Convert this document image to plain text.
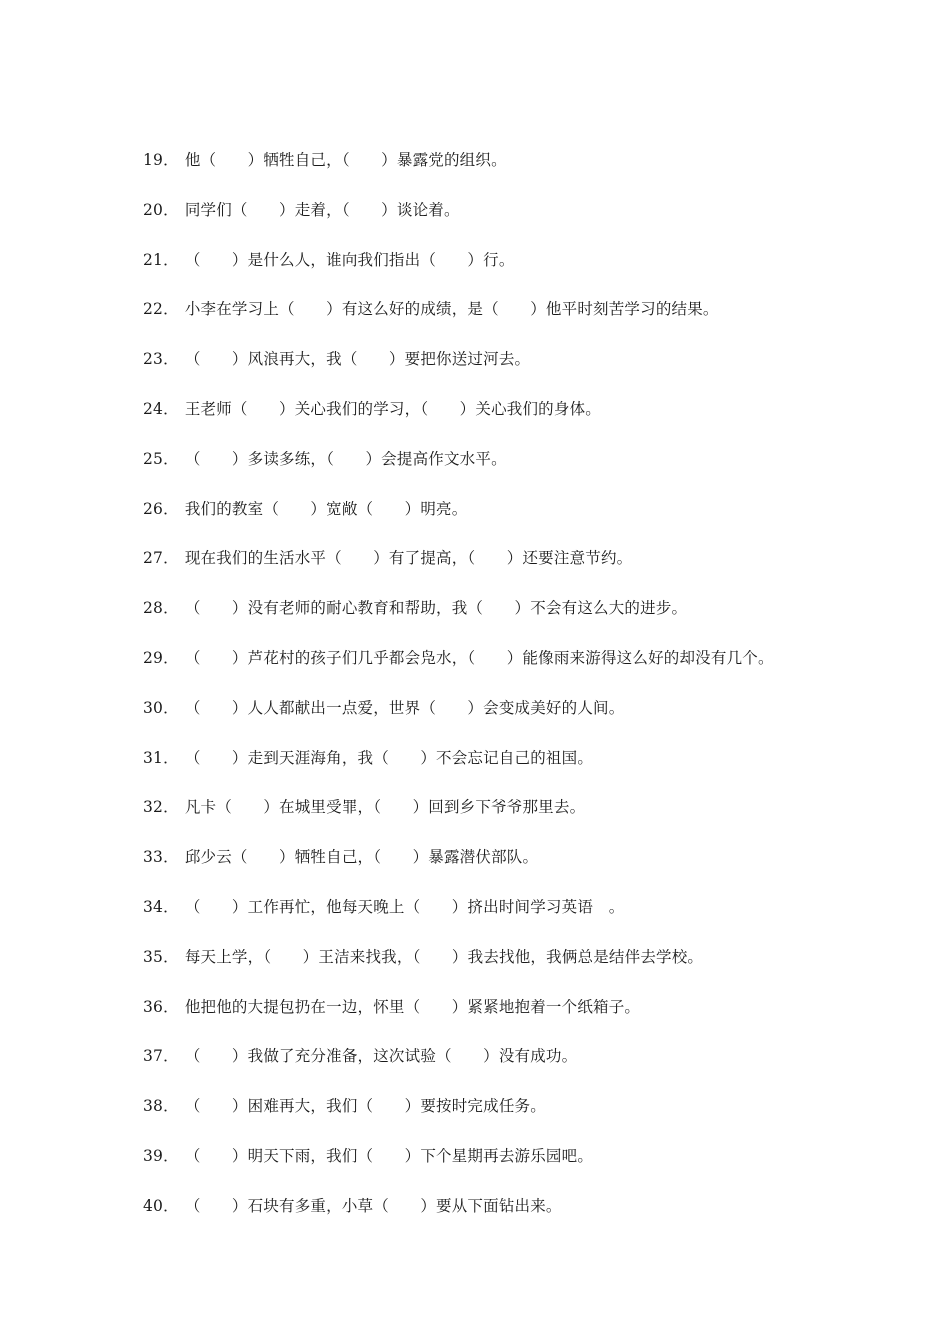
19． 他（　　）牺牲自己，（　　）暴露党的组织。
20． 同学们（　　）走着，（　　）谈论着。
21． （　　）是什么人，谁向我们指出（　　）行。
22． 小李在学习上（　　）有这么好的成绩，是（　　）他平时刻苦学习的结果。
23． （　　）风浪再大，我（　　）要把你送过河去。
24． 王老师（　　）关心我们的学习，（　　）关心我们的身体。
25． （　　）多读多练，（　　）会提高作文水平。
26． 我们的教室（　　）宽敞（　　）明亮。
27． 现在我们的生活水平（　　）有了提高，（　　）还要注意节约。
28． （　　）没有老师的耐心教育和帮助，我（　　）不会有这么大的进步。
29． （　　）芦花村的孩子们几乎都会凫水，（　　）能像雨来游得这么好的却没有几个。
30． （　　）人人都献出一点爱，世界（　　）会变成美好的人间。
31． （　　）走到天涯海角，我（　　）不会忘记自己的祖国。
32． 凡卡（　　）在城里受罪，（　　）回到乡下爷爷那里去。
33． 邱少云（　　）牺牲自己，（　　）暴露潜伏部队。
34． （　　）工作再忙，他每天晚上（　　）挤出时间学习英语　。
35． 每天上学，（　　）王洁来找我，（　　）我去找他，我俩总是结伴去学校。
36． 他把他的大提包扔在一边，怀里（　　）紧紧地抱着一个纸箱子。
37． （　　）我做了充分准备，这次试验（　　）没有成功。
38． （　　）困难再大，我们（　　）要按时完成任务。
39． （　　）明天下雨，我们（　　）下个星期再去游乐园吧。
40． （　　）石块有多重，小草（　　）要从下面钻出来。
